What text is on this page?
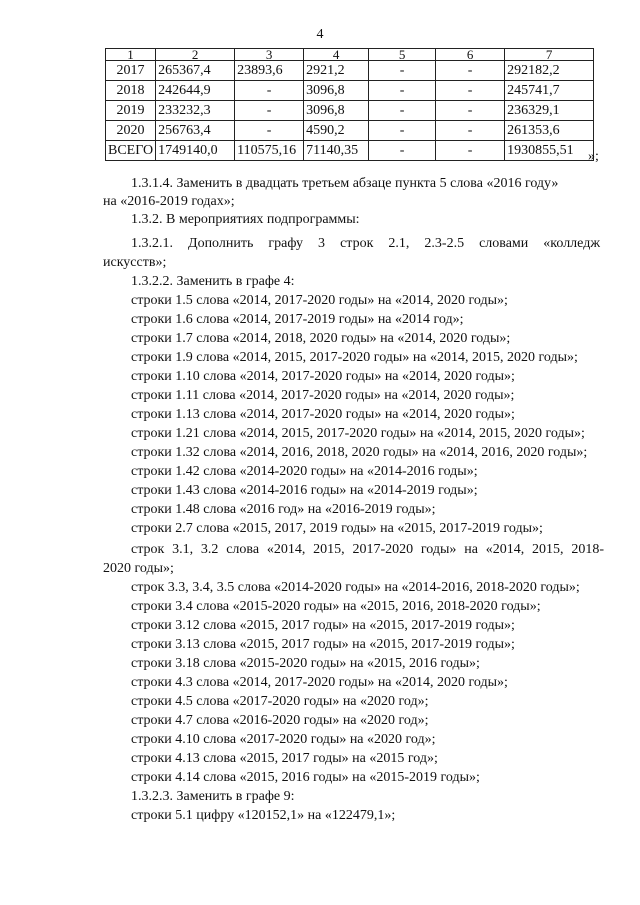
4
1	2	3	4	5	6	7
2017	265367,4	23893,6	2921,2	-	-	292182,2
2018	242644,9	-	3096,8	-	-	245741,7
2019	233232,3	-	3096,8	-	-	236329,1
2020	256763,4	-	4590,2	-	-	261353,6
ВСЕГО	1749140,0	110575,16	71140,35	-	-	1930855,51 »;
1.3.1.4. Заменить в двадцать третьем абзаце пункта 5 слова «2016 году»
на «2016-2019 годах»;
1.3.2. В мероприятиях подпрограммы:
1.3.2.1. Дополнить графу 3 строк 2.1, 2.3-2.5 словами «колледж
искусств»;
1.3.2.2. Заменить в графе 4:
строки 1.5 слова «2014, 2017-2020 годы» на «2014, 2020 годы»;
строки 1.6 слова «2014, 2017-2019 годы» на «2014 год»;
строки 1.7 слова «2014, 2018, 2020 годы» на «2014, 2020 годы»;
строки 1.9 слова «2014, 2015, 2017-2020 годы» на «2014, 2015, 2020 годы»;
строки 1.10 слова «2014, 2017-2020 годы» на «2014, 2020 годы»;
строки 1.11 слова «2014, 2017-2020 годы» на «2014, 2020 годы»;
строки 1.13 слова «2014, 2017-2020 годы» на «2014, 2020 годы»;
строки 1.21 слова «2014, 2015, 2017-2020 годы» на «2014, 2015, 2020 годы»;
строки 1.32 слова «2014, 2016, 2018, 2020 годы» на «2014, 2016, 2020 годы»;
строки 1.42 слова «2014-2020 годы» на «2014-2016 годы»;
строки 1.43 слова «2014-2016 годы» на «2014-2019 годы»;
строки 1.48 слова «2016 год» на «2016-2019 годы»;
строки 2.7 слова «2015, 2017, 2019 годы» на «2015, 2017-2019 годы»;
строк 3.1, 3.2 слова «2014, 2015, 2017-2020 годы» на «2014, 2015, 2018-
2020 годы»;
строк 3.3, 3.4, 3.5 слова «2014-2020 годы» на «2014-2016, 2018-2020 годы»;
строки 3.4 слова «2015-2020 годы» на «2015, 2016, 2018-2020 годы»;
строки 3.12 слова «2015, 2017 годы» на «2015, 2017-2019 годы»;
строки 3.13 слова «2015, 2017 годы» на «2015, 2017-2019 годы»;
строки 3.18 слова «2015-2020 годы» на «2015, 2016 годы»;
строки 4.3 слова «2014, 2017-2020 годы» на «2014, 2020 годы»;
строки 4.5 слова «2017-2020 годы» на «2020 год»;
строки 4.7 слова «2016-2020 годы» на «2020 год»;
строки 4.10 слова «2017-2020 годы» на «2020 год»;
строки 4.13 слова «2015, 2017 годы» на «2015 год»;
строки 4.14 слова «2015, 2016 годы» на «2015-2019 годы»;
1.3.2.3. Заменить в графе 9:
строки 5.1 цифру «120152,1» на «122479,1»;
